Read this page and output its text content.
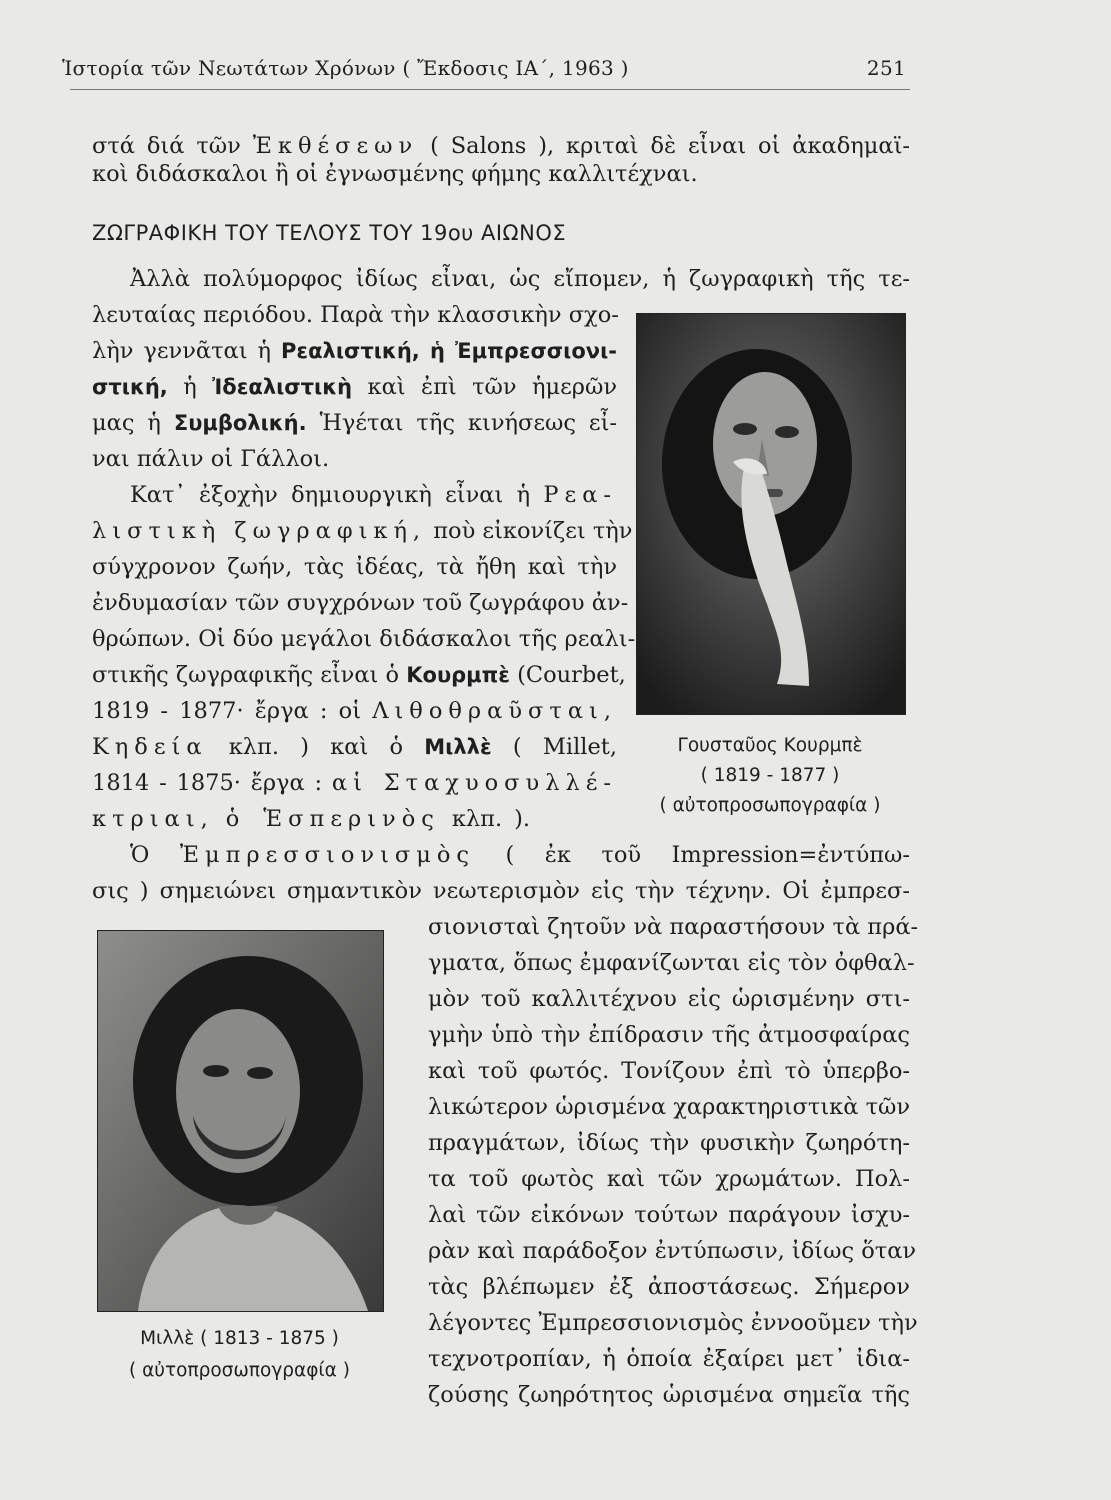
Ἱστορία τῶν Νεωτάτων Χρόνων ( Ἔκδοσις ΙΑ΄, 1963 )	251
στά διά τῶν Ἐκθέσεων ( Salons ), κριταὶ δὲ εἶναι οἱ ἀκαδημαϊ-
κοὶ διδάσκαλοι ἢ οἱ ἐγνωσμένης φήμης καλλιτέχναι.
ΖΩΓΡΑΦΙΚΗ ΤΟΥ ΤΕΛΟΥΣ ΤΟΥ 19ου ΑΙΩΝΟΣ
Ἀλλὰ πολύμορφος ἰδίως εἶναι, ὡς εἴπομεν, ἡ ζωγραφικὴ τῆς τε-
λευταίας περιόδου. Παρὰ τὴν κλασσικὴν σχο-
λὴν γεννᾶται ἡ Ρεαλιστική, ἡ Ἐμπρεσσιονι-
στική, ἡ Ἰδεαλιστικὴ καὶ ἐπὶ τῶν ἡμερῶν
μας ἡ Συμβολική. Ἡγέται τῆς κινήσεως εἶ-
ναι πάλιν οἱ Γάλλοι.
Κατ᾿ ἐξοχὴν δημιουργικὴ εἶναι ἡ Ρεα-
λιστικὴ ζωγραφική, ποὺ εἰκονίζει τὴν
σύγχρονον ζωήν, τὰς ἰδέας, τὰ ἤθη καὶ τὴν
ἐνδυμασίαν τῶν συγχρόνων τοῦ ζωγράφου ἀν-
θρώπων. Οἱ δύο μεγάλοι διδάσκαλοι τῆς ρεαλι-
στικῆς ζωγραφικῆς εἶναι ὁ Κουρμπὲ (Courbet,
1819 - 1877· ἔργα : οἱ Λιθοθραῦσται,
Κηδεία κλπ. ) καὶ ὁ Μιλλὲ ( Millet,
1814 - 1875· ἔργα : αἱ Σταχυοσυλλέ-
κτριαι, ὁ Ἑσπερινὸς κλπ. ).
Ὁ Ἐμπρεσσιονισμὸς ( ἐκ τοῦ Impression=ἐντύπω-
σις ) σημειώνει σημαντικὸν νεωτερισμὸν εἰς τὴν τέχνην. Οἱ ἐμπρεσ-
σιονισταὶ ζητοῦν νὰ παραστήσουν τὰ πρά-
γματα, ὅπως ἐμφανίζωνται εἰς τὸν ὀφθαλ-
μὸν τοῦ καλλιτέχνου εἰς ὡρισμένην στι-
γμὴν ὑπὸ τὴν ἐπίδρασιν τῆς ἀτμοσφαίρας
καὶ τοῦ φωτός. Τονίζουν ἐπὶ τὸ ὑπερβο-
λικώτερον ὡρισμένα χαρακτηριστικὰ τῶν
πραγμάτων, ἰδίως τὴν φυσικὴν ζωηρότη-
τα τοῦ φωτὸς καὶ τῶν χρωμάτων. Πολ-
λαὶ τῶν εἰκόνων τούτων παράγουν ἰσχυ-
ρὰν καὶ παράδοξον ἐντύπωσιν, ἰδίως ὅταν
τὰς βλέπωμεν ἐξ ἀποστάσεως. Σήμερον
λέγοντες Ἐμπρεσσιονισμὸς ἐννοοῦμεν τὴν
τεχνοτροπίαν, ἡ ὁποία ἐξαίρει μετ᾿ ἰδια-
ζούσης ζωηρότητος ὡρισμένα σημεῖα τῆς
Γουσταῦος Κουρμπὲ
( 1819 - 1877 )
( αὐτοπροσωπογραφία )
Μιλλὲ ( 1813 - 1875 )
( αὐτοπροσωπογραφία )
